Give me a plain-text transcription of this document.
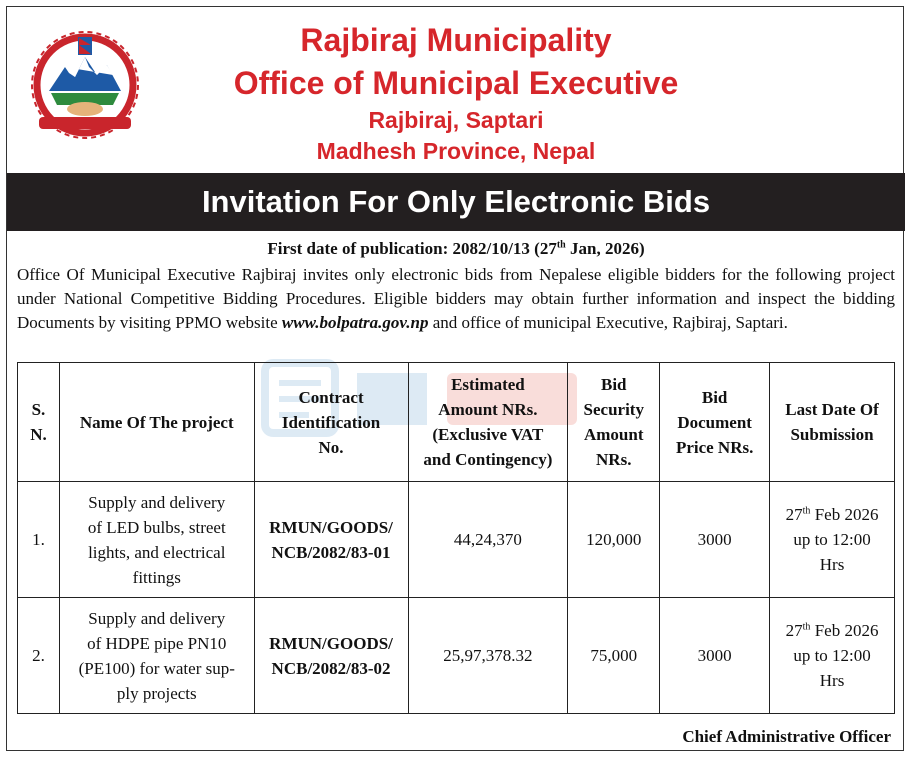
Rajbiraj Municipality
Office of Municipal Executive
Rajbiraj, Saptari
Madhesh Province, Nepal
Invitation For Only Electronic Bids
First date of publication: 2082/10/13 (27th Jan, 2026)

Office Of Municipal Executive Rajbiraj invites only electronic bids from Nepalese eligible bidders for the following project under National Competitive Bidding Procedures. Eligible bidders may obtain further information and inspect the bidding Documents by visiting PPMO website www.bolpatra.gov.np and office of municipal Executive, Rajbiraj, Saptari.

S.
N.	Name Of The project	Contract
Identification
No.	Estimated
Amount NRs.
(Exclusive VAT
and Contingency)	Bid
Security
Amount
NRs.	Bid
Document
Price NRs.	Last Date Of
Submission
1.	Supply and delivery
of LED bulbs, street
lights, and electrical
fittings	RMUN/GOODS/
NCB/2082/83-01	44,24,370	120,000	3000	27th Feb 2026
up to 12:00
Hrs
2.	Supply and delivery
of HDPE pipe PN10
(PE100) for water sup-
ply projects	RMUN/GOODS/
NCB/2082/83-02	25,97,378.32	75,000	3000	27th Feb 2026
up to 12:00
Hrs
Chief Administrative Officer
